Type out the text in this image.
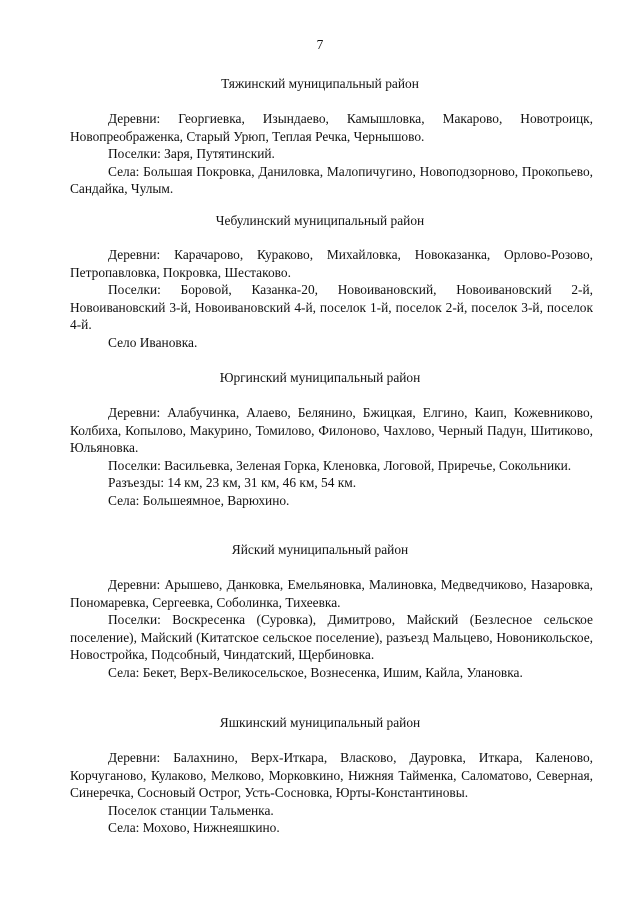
7
Тяжинский муниципальный район

Деревни: Георгиевка, Изындаево, Камышловка, Макарово, Новотроицк, Новопреображенка, Старый Урюп, Теплая Речка, Чернышово.

Поселки: Заря, Путятинский.

Села: Большая Покровка, Даниловка, Малопичугино, Новоподзорново, Прокопьево, Сандайка, Чулым.

Чебулинский муниципальный район

Деревни: Карачарово, Кураково, Михайловка, Новоказанка, Орлово-Розово, Петропавловка, Покровка, Шестаково.

Поселки: Боровой, Казанка-20, Новоивановский, Новоивановский 2-й, Новоивановский 3-й, Новоивановский 4-й, поселок 1-й, поселок 2-й, поселок 3-й, поселок 4-й.

Село Ивановка.

Юргинский муниципальный район

Деревни: Алабучинка, Алаево, Белянино, Бжицкая, Елгино, Каип, Кожевниково, Колбиха, Копылово, Макурино, Томилово, Филоново, Чахлово, Черный Падун, Шитиково, Юльяновка.

Поселки: Васильевка, Зеленая Горка, Кленовка, Логовой, Приречье, Сокольники.

Разъезды: 14 км, 23 км, 31 км, 46 км, 54 км.

Села: Большеямное, Варюхино.

Яйский муниципальный район

Деревни: Арышево, Данковка, Емельяновка, Малиновка, Медведчиково, Назаровка, Пономаревка, Сергеевка, Соболинка, Тихеевка.

Поселки: Воскресенка (Суровка), Димитрово, Майский (Безлесное сельское поселение), Майский (Китатское сельское поселение), разъезд Мальцево, Новоникольское, Новостройка, Подсобный, Чиндатский, Щербиновка.

Села: Бекет, Верх-Великосельское, Вознесенка, Ишим, Кайла, Улановка.

Яшкинский муниципальный район

Деревни: Балахнино, Верх-Иткара, Власково, Дауровка, Иткара, Каленово, Корчуганово, Кулаково, Мелково, Морковкино, Нижняя Тайменка, Саломатово, Северная, Синеречка, Сосновый Острог, Усть-Сосновка, Юрты-Константиновы.

Поселок станции Тальменка.

Села: Мохово, Нижнеяшкино.
